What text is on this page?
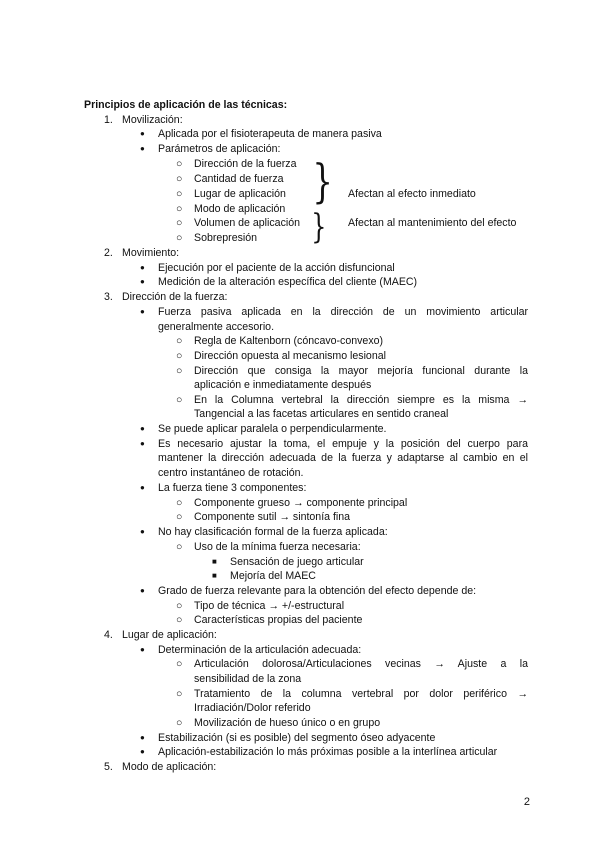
Principios de aplicación de las técnicas:
1. Movilización:
● Aplicada por el fisioterapeuta de manera pasiva
● Parámetros de aplicación:
○ Dirección de la fuerza
○ Cantidad de fuerza
○ Lugar de aplicación
○ Modo de aplicación
○ Volumen de aplicación
○ Sobrepresión
}
}
Afectan al efecto inmediato
Afectan al mantenimiento del efecto
2. Movimiento:
● Ejecución por el paciente de la acción disfuncional
● Medición de la alteración específica del cliente (MAEC)
3. Dirección de la fuerza:
● Fuerza pasiva aplicada en la dirección de un movimiento articular
generalmente accesorio.
○ Regla de Kaltenborn (cóncavo-convexo)
○ Dirección opuesta al mecanismo lesional
○ Dirección que consiga la mayor mejoría funcional durante la
aplicación e inmediatamente después
○ En la Columna vertebral la dirección siempre es la misma →
Tangencial a las facetas articulares en sentido craneal
● Se puede aplicar paralela o perpendicularmente.
● Es necesario ajustar la toma, el empuje y la posición del cuerpo para
mantener la dirección adecuada de la fuerza y adaptarse al cambio en el
centro instantáneo de rotación.
● La fuerza tiene 3 componentes:
○ Componente grueso → componente principal
○ Componente sutil → sintonía fina
● No hay clasificación formal de la fuerza aplicada:
○ Uso de la mínima fuerza necesaria:
■ Sensación de juego articular
■ Mejoría del MAEC
● Grado de fuerza relevante para la obtención del efecto depende de:
○ Tipo de técnica → +/-estructural
○ Características propias del paciente
4. Lugar de aplicación:
● Determinación de la articulación adecuada:
○ Articulación dolorosa/Articulaciones vecinas → Ajuste a la
sensibilidad de la zona
○ Tratamiento de la columna vertebral por dolor periférico →
Irradiación/Dolor referido
○ Movilización de hueso único o en grupo
● Estabilización (si es posible) del segmento óseo adyacente
● Aplicación-estabilización lo más próximas posible a la interlínea articular
5. Modo de aplicación:
2
